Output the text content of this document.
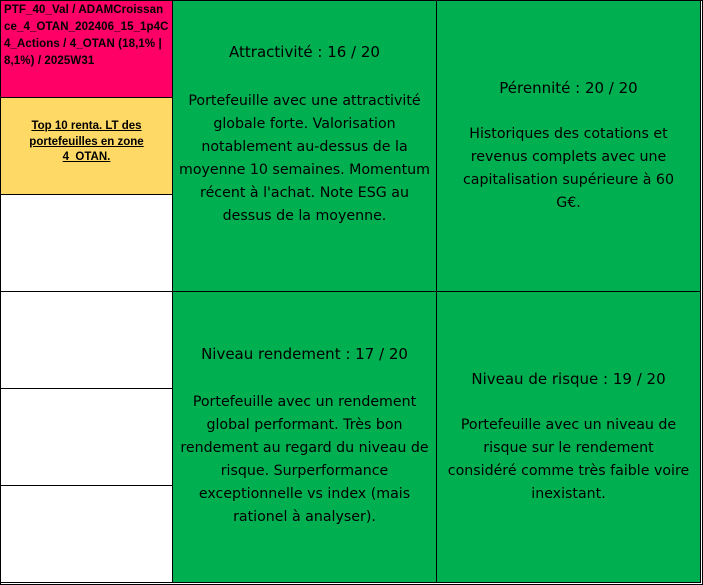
PTF_40_Val / ADAMCroissance_4_OTAN_202406_15_1p4C4_Actions / 4_OTAN (18,1% | 8,1%) / 2025W31
Top 10 renta. LT des portefeuilles en zone 4_OTAN.
Attractivité : 16 / 20
Portefeuille avec une attractivité globale forte. Valorisation notablement au-dessus de la moyenne 10 semaines. Momentum récent à l'achat. Note ESG au dessus de la moyenne.
Pérennité : 20 / 20
Historiques des cotations et revenus complets avec une capitalisation supérieure à 60 G€.
Niveau rendement : 17 / 20
Portefeuille avec un rendement global performant. Très bon rendement au regard du niveau de risque. Surperformance exceptionnelle vs index (mais rationel à analyser).
Niveau de risque : 19 / 20
Portefeuille avec un niveau de risque sur le rendement considéré comme très faible voire inexistant.
